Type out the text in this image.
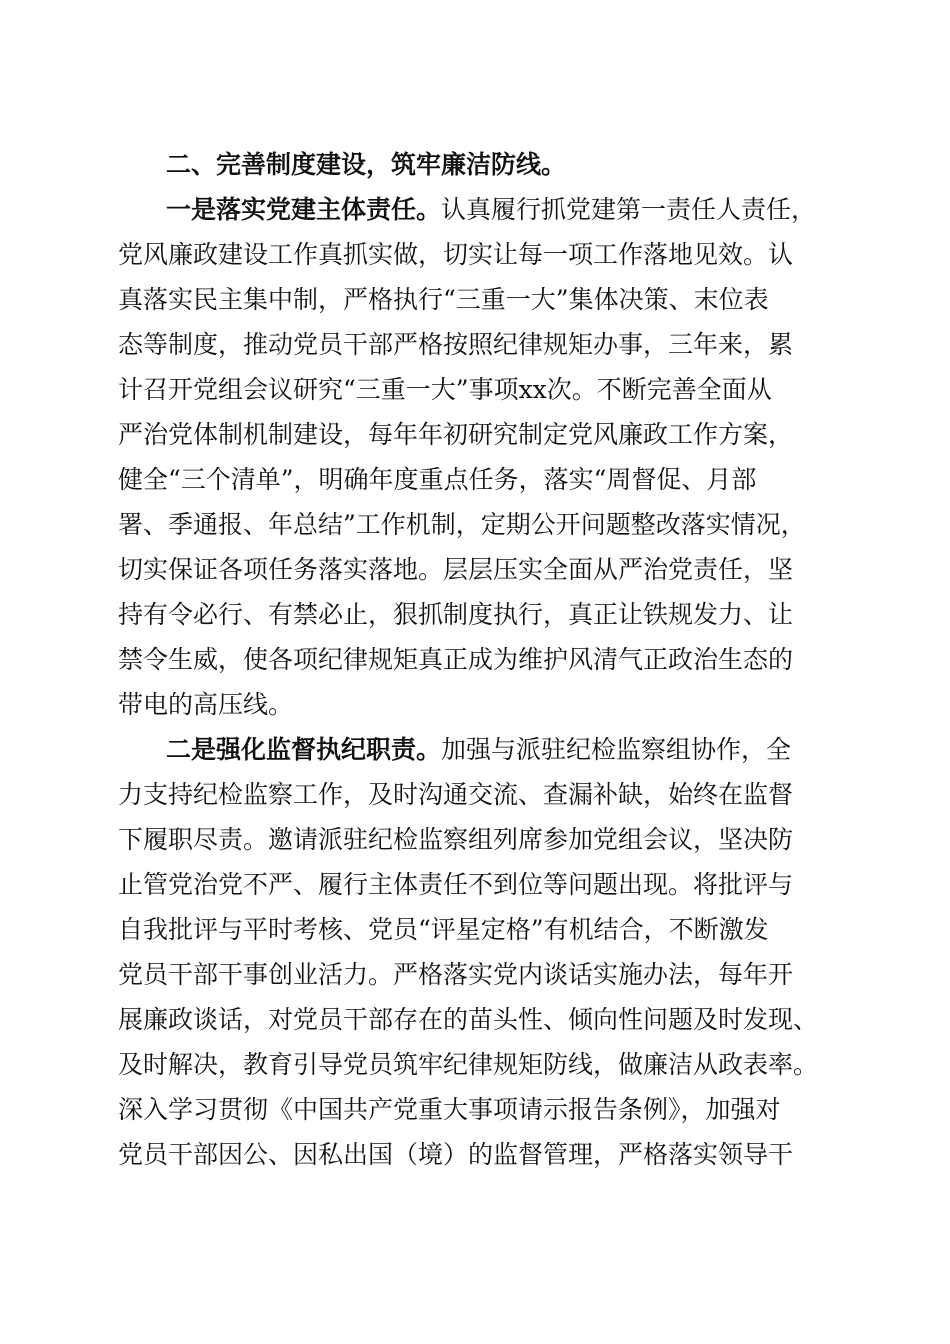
二、完善制度建设，筑牢廉洁防线。
一是落实党建主体责任。认真履行抓党建第一责任人责任，
党风廉政建设工作真抓实做，切实让每一项工作落地见效。认
真落实民主集中制，严格执行“三重一大”集体决策、末位表
态等制度，推动党员干部严格按照纪律规矩办事，三年来，累
计召开党组会议研究“三重一大”事项xx次。不断完善全面从
严治党体制机制建设，每年年初研究制定党风廉政工作方案，
健全“三个清单”，明确年度重点任务，落实“周督促、月部
署、季通报、年总结”工作机制，定期公开问题整改落实情况，
切实保证各项任务落实落地。层层压实全面从严治党责任，坚
持有令必行、有禁必止，狠抓制度执行，真正让铁规发力、让
禁令生威，使各项纪律规矩真正成为维护风清气正政治生态的
带电的高压线。
二是强化监督执纪职责。加强与派驻纪检监察组协作，全
力支持纪检监察工作，及时沟通交流、查漏补缺，始终在监督
下履职尽责。邀请派驻纪检监察组列席参加党组会议，坚决防
止管党治党不严、履行主体责任不到位等问题出现。将批评与
自我批评与平时考核、党员“评星定格”有机结合，不断激发
党员干部干事创业活力。严格落实党内谈话实施办法，每年开
展廉政谈话，对党员干部存在的苗头性、倾向性问题及时发现、
及时解决，教育引导党员筑牢纪律规矩防线，做廉洁从政表率。
深入学习贯彻《中国共产党重大事项请示报告条例》，加强对
党员干部因公、因私出国（境）的监督管理，严格落实领导干
